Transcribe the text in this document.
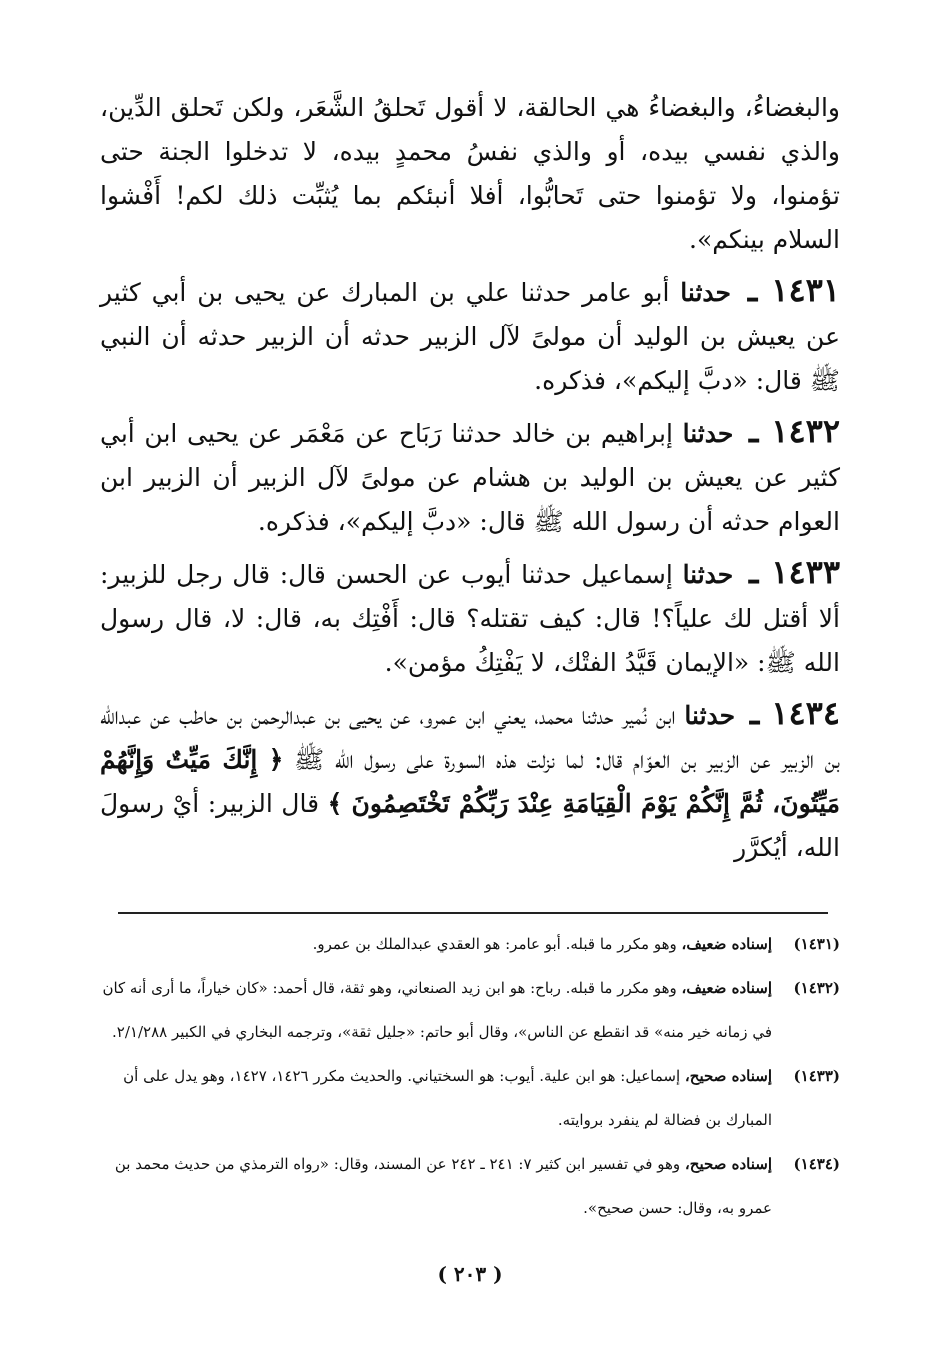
والبغضاءُ، والبغضاءُ هي الحالقة، لا أقول تَحلقُ الشَّعَر، ولكن تَحلق الدِّين، والذي نفسي بيده، أو والذي نفسُ محمدٍ بيده، لا تدخلوا الجنة حتى تؤمنوا، ولا تؤمنوا حتى تَحابُّوا، أفلا أنبئكم بما يُثبِّت ذلك لكم! أَفْشوا السلام بينكم».

١٤٣١ ـ حدثنا أبو عامر حدثنا علي بن المبارك عن يحيى بن أبي كثير عن يعيش بن الوليد أن مولىً لآل الزبير حدثه أن الزبير حدثه أن النبي ﷺ قال: «دبَّ إليكم»، فذكره.

١٤٣٢ ـ حدثنا إبراهيم بن خالد حدثنا رَبَاح عن مَعْمَر عن يحيى ابن أبي كثير عن يعيش بن الوليد بن هشام عن مولىً لآل الزبير أن الزبير ابن العوام حدثه أن رسول الله ﷺ قال: «دبَّ إليكم»، فذكره.

١٤٣٣ ـ حدثنا إسماعيل حدثنا أيوب عن الحسن قال: قال رجل للزبير: ألا أقتل لك علياً؟! قال: كيف تقتله؟ قال: أَفْتِك به، قال: لا، قال رسول الله ﷺ: «الإيمان قَيَّدُ الفتْك، لا يَفْتِكُ مؤمن».

١٤٣٤ ـ حدثنا ابن نُمير حدثنا محمد، يعني ابن عمرو، عن يحيى بن عبدالرحمن بن حاطب عن عبدالله بن الزبير عن الزبير بن العوّام قال: لما نزلت هذه السورة على رسول الله ﷺ ﴿ إِنَّكَ مَيِّتٌ وَإِنَّهُمْ مَيِّتُونَ، ثُمَّ إِنَّكُمْ يَوْمَ الْقِيَامَةِ عِنْدَ رَبِّكُمْ تَخْتَصِمُونَ ﴾ قال الزبير: أيْ رسولَ الله، أيُكرَّر

(١٤٣١)
إسناده ضعيف، وهو مكرر ما قبله. أبو عامر: هو العقدي عبدالملك بن عمرو.
(١٤٣٢)
إسناده ضعيف، وهو مكرر ما قبله. رباح: هو ابن زيد الصنعاني، وهو ثقة، قال أحمد: «كان خياراً، ما أرى أنه كان في زمانه خير منه» قد انقطع عن الناس»، وقال أبو حاتم: «جليل ثقة»، وترجمه البخاري في الكبير ٢/١/٢٨٨.
(١٤٣٣)
إسناده صحيح، إسماعيل: هو ابن علية. أيوب: هو السختياني. والحديث مكرر ١٤٢٦، ١٤٢٧، وهو يدل على أن المبارك بن فضالة لم ينفرد بروايته.
(١٤٣٤)
إسناده صحيح، وهو في تفسير ابن كثير ٧: ٢٤١ ـ ٢٤٢ عن المسند، وقال: «رواه الترمذي من حديث محمد بن عمرو به، وقال: حسن صحيح».
( ٢٠٣ )
